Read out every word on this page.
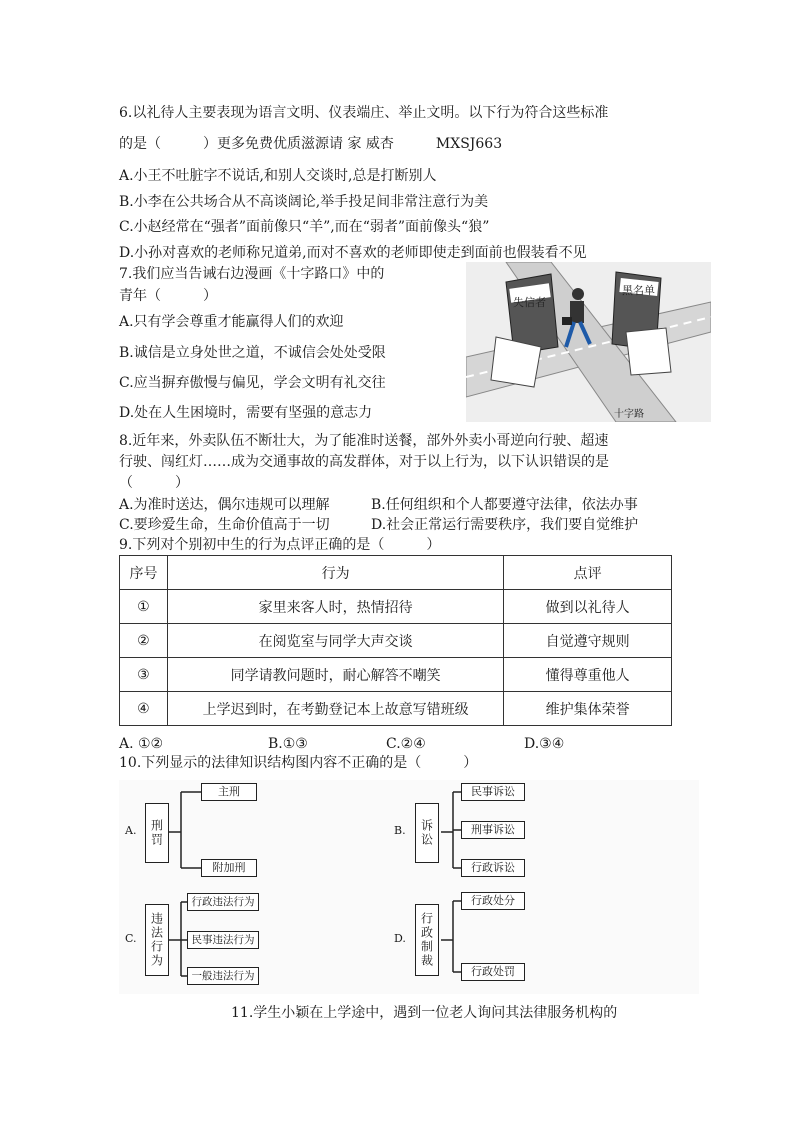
6.以礼待人主要表现为语言文明、仪表端庄、举止文明。以下行为符合这些标准
的是（　　　）更多免费优质滋源请 家 威杏　　　MXSJ663
A.小王不吐脏字不说话,和别人交谈时,总是打断别人
B.小李在公共场合从不高谈阔论,举手投足间非常注意行为美
C.小赵经常在“强者”面前像只“羊”,而在“弱者”面前像头“狼”
D.小孙对喜欢的老师称兄道弟,而对不喜欢的老师即使走到面前也假装看不见
7.我们应当告诫右边漫画《十字路口》中的
青年（　　　）
A.只有学会尊重才能赢得人们的欢迎
B.诚信是立身处世之道，不诚信会处处受限
C.应当摒弃傲慢与偏见，学会文明有礼交往
D.处在人生困境时，需要有坚强的意志力
失信者
黑名单
十字路
8.近年来，外卖队伍不断壮大，为了能准时送餐，部外外卖小哥逆向行驶、超速
行驶、闯红灯……成为交通事故的高发群体，对于以上行为，以下认识错误的是
（　　　）
A.为准时送达，偶尔违规可以理解	B.任何组织和个人都要遵守法律，依法办事
C.要珍爱生命，生命价值高于一切	D.社会正常运行需要秩序，我们要自觉维护
9.下列对个别初中生的行为点评正确的是（　　　）
序号	行为	点评
①	家里来客人时，热情招待	做到以礼待人
②	在阅览室与同学大声交谈	自觉遵守规则
③	同学请教问题时，耐心解答不嘲笑	懂得尊重他人
④	上学迟到时，在考勤登记本上故意写错班级	维护集体荣誉
A. ①②	B.①③	C.②④	D.③④
10.下列显示的法律知识结构图内容不正确的是（　　　）
A.	刑罚
主刑
附加刑
B.	诉讼
民事诉讼
刑事诉讼
行政诉讼
C.	违法行为
行政违法行为
民事违法行为
一般违法行为
D.	行政制裁
行政处分
行政处罚
11.学生小颖在上学途中，遇到一位老人询问其法律服务机构的
